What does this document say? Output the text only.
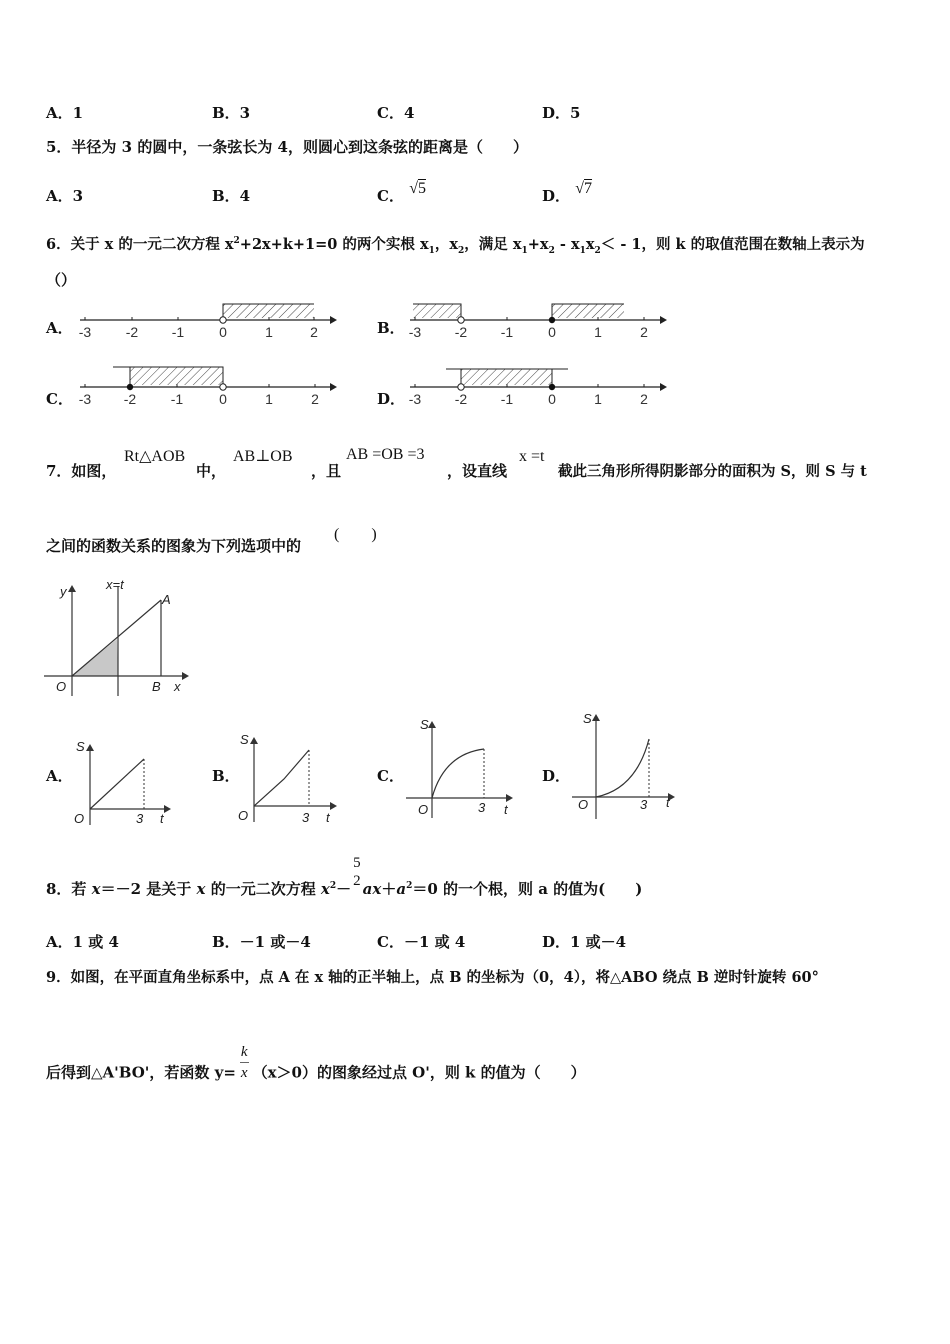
A．1	B．3	C．4	D．5
5．半径为 3 的圆中，一条弦长为 4，则圆心到这条弦的距离是（　　）
A．3	B．4	C． √5	D． √7
6．关于 x 的一元二次方程 $x^2+2x+k+1=0$ 的两个实根 $x_1$，$x_2$，满足 $x_1+x_2 - x_1x_2< - 1$，则 k 的取值范围在数轴上表示为
（）
A．	B．
C．	D．
-3 -2 -1 0	1	2	-3 -2 -1 0	1	2
-3 -2 -1	0	1	2	-3 -2 -1 0	1	2
7．如图，
Rt△AOB
中，
AB⊥OB
，且
AB =OB =3
，设直线
x =t
截此三角形所得阴影部分的面积为 S，则 S 与 t
之间的函数关系的图象为下列选项中的
(　　)
y	x=t
A
O	B x
A．	B．	C．	D．
S
O	3 t
S
O	3 t
S
O	3 t
S
O	3 t
8．若 x＝－2 是关于 x 的一元二次方程 $x^2-$
5
2 $ax+a^2=0$ 的一个根，则 a 的值为(　　)
A．1 或 4	B．－1 或－4	C．－1 或 4	D．1 或－4
9．如图，在平面直角坐标系中，点 A 在 x 轴的正半轴上，点 B 的坐标为（0，4），将△ABO 绕点 B 逆时针旋转 60°
后得到△A'BO'，若函数 $y= \frac{k}{x} (x>0)$的图象经过点 O'，则 k 的值为（　　）
